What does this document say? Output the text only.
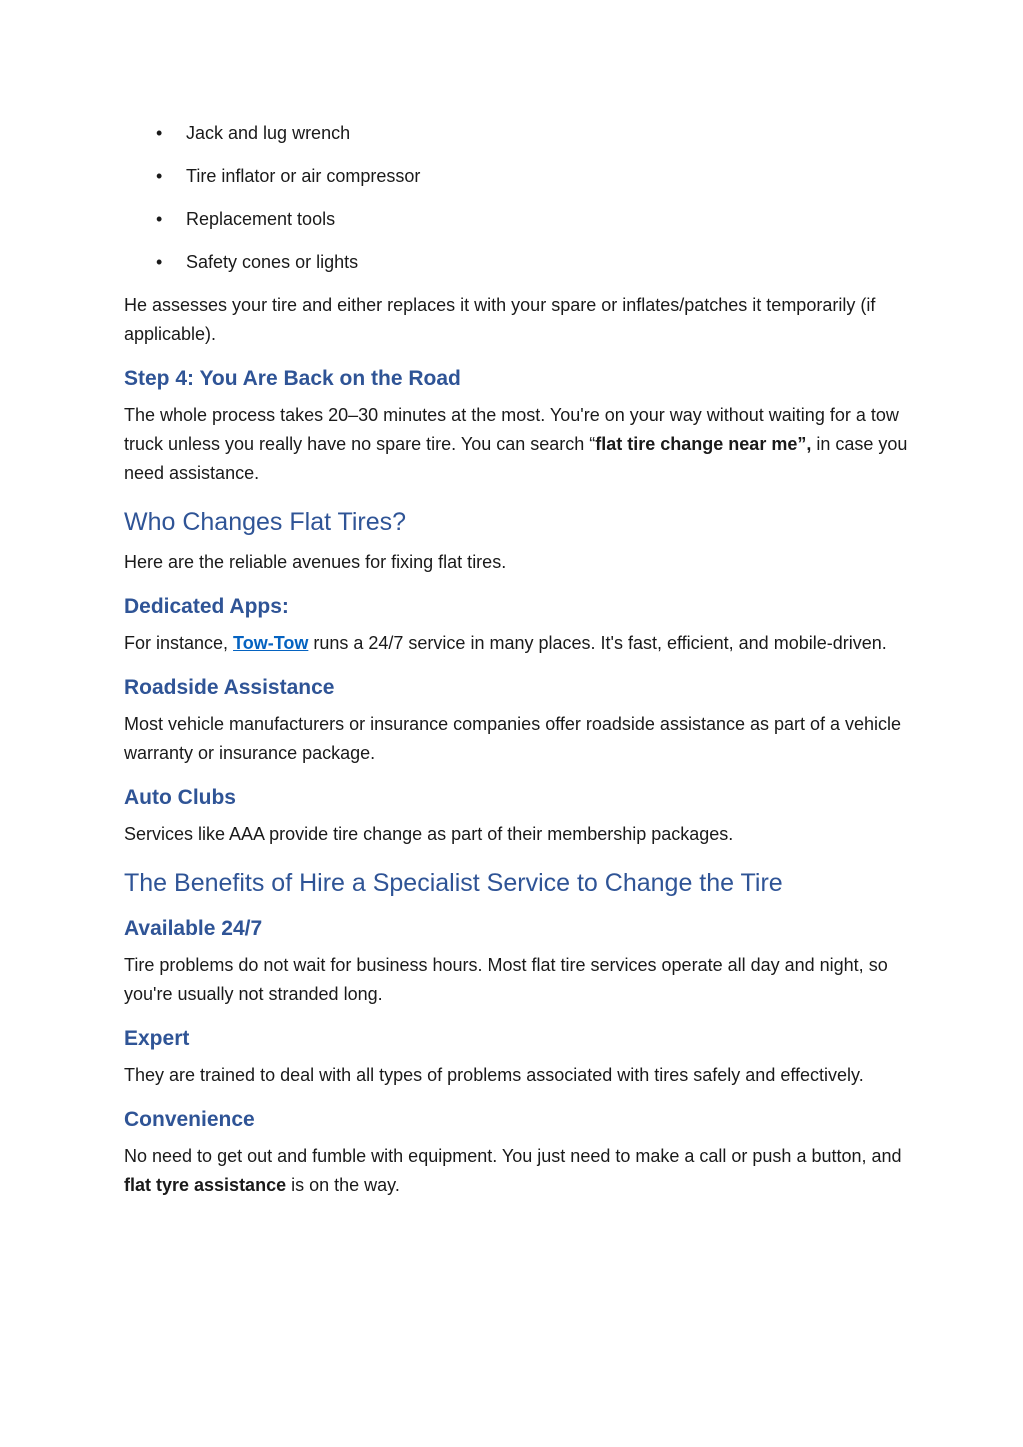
• Jack and lug wrench
• Tire inflator or air compressor
• Replacement tools
• Safety cones or lights

He assesses your tire and either replaces it with your spare or inflates/patches it temporarily (if applicable).

Step 4: You Are Back on the Road

The whole process takes 20–30 minutes at the most. You're on your way without waiting for a tow truck unless you really have no spare tire. You can search “flat tire change near me”, in case you need assistance.

Who Changes Flat Tires?

Here are the reliable avenues for fixing flat tires.

Dedicated Apps:

For instance, Tow-Tow runs a 24/7 service in many places. It's fast, efficient, and mobile-driven.

Roadside Assistance

Most vehicle manufacturers or insurance companies offer roadside assistance as part of a vehicle warranty or insurance package.

Auto Clubs

Services like AAA provide tire change as part of their membership packages.

The Benefits of Hire a Specialist Service to Change the Tire
Available 24/7

Tire problems do not wait for business hours. Most flat tire services operate all day and night, so you're usually not stranded long.

Expert

They are trained to deal with all types of problems associated with tires safely and effectively.

Convenience

No need to get out and fumble with equipment. You just need to make a call or push a button, and flat tyre assistance is on the way.
